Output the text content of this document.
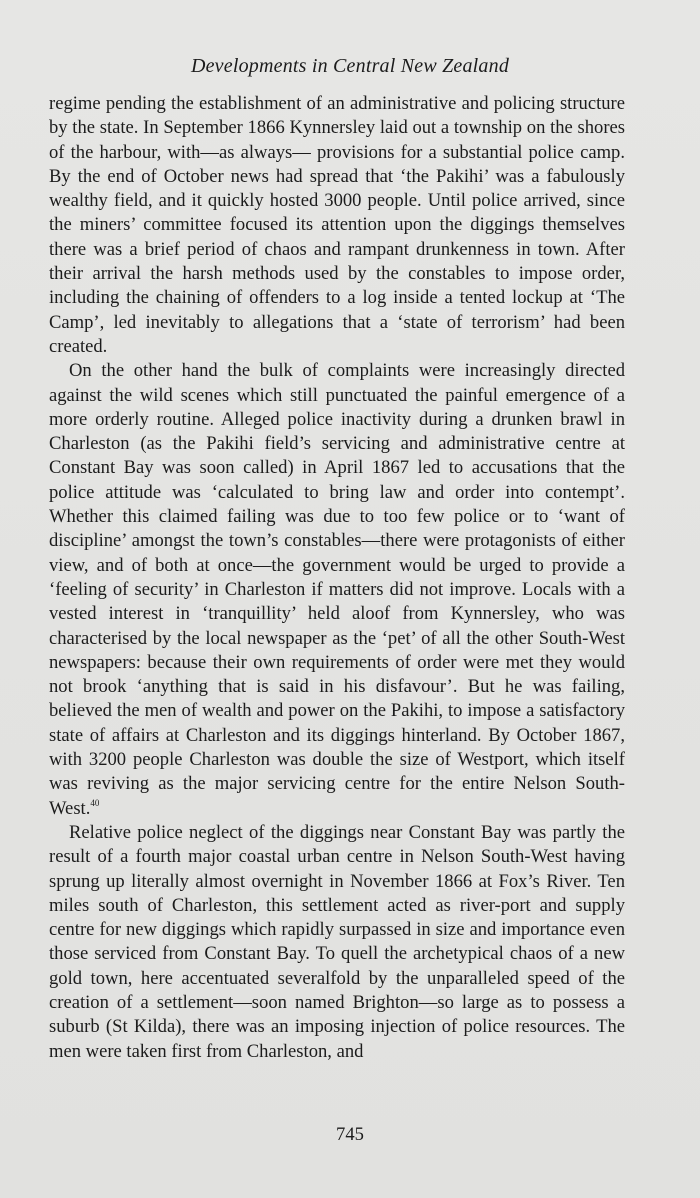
Developments in Central New Zealand

regime pending the establishment of an administrative and policing structure by the state. In September 1866 Kynnersley laid out a township on the shores of the harbour, with—as always— provisions for a substantial police camp. By the end of October news had spread that ‘the Pakihi’ was a fabulously wealthy field, and it quickly hosted 3000 people. Until police arrived, since the miners’ committee focused its attention upon the diggings themselves there was a brief period of chaos and rampant drunkenness in town. After their arrival the harsh methods used by the constables to impose order, including the chaining of offenders to a log inside a tented lockup at ‘The Camp’, led inevitably to allegations that a ‘state of terrorism’ had been created.

On the other hand the bulk of complaints were increasingly directed against the wild scenes which still punctuated the painful emergence of a more orderly routine. Alleged police inactivity during a drunken brawl in Charleston (as the Pakihi field’s servicing and administrative centre at Constant Bay was soon called) in April 1867 led to accusations that the police attitude was ‘calculated to bring law and order into contempt’. Whether this claimed failing was due to too few police or to ‘want of discipline’ amongst the town’s constables—there were protagonists of either view, and of both at once—the government would be urged to provide a ‘feeling of security’ in Charleston if matters did not improve. Locals with a vested interest in ‘tranquillity’ held aloof from Kynnersley, who was characterised by the local newspaper as the ‘pet’ of all the other South-West newspapers: because their own requirements of order were met they would not brook ‘anything that is said in his disfavour’. But he was failing, believed the men of wealth and power on the Pakihi, to impose a satisfactory state of affairs at Charleston and its diggings hinterland. By October 1867, with 3200 people Charleston was double the size of Westport, which itself was reviving as the major servicing centre for the entire Nelson South-West.$^{40}$

Relative police neglect of the diggings near Constant Bay was partly the result of a fourth major coastal urban centre in Nelson South-West having sprung up literally almost overnight in November 1866 at Fox’s River. Ten miles south of Charleston, this settlement acted as river-port and supply centre for new diggings which rapidly surpassed in size and importance even those serviced from Constant Bay. To quell the archetypical chaos of a new gold town, here accentuated severalfold by the unparalleled speed of the creation of a settlement—soon named Brighton—so large as to possess a suburb (St Kilda), there was an imposing injection of police resources. The men were taken first from Charleston, and

745
